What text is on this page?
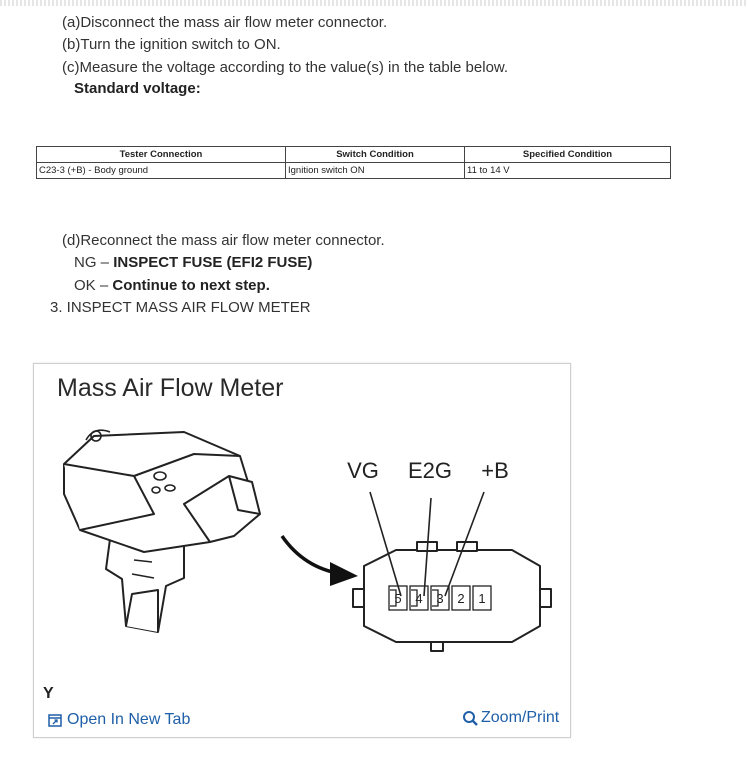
(a)Disconnect the mass air flow meter connector.
(b)Turn the ignition switch to ON.
(c)Measure the voltage according to the value(s) in the table below.
Standard voltage:
Tester Connection	Switch Condition	Specified Condition
C23-3 (+B) - Body ground	Ignition switch ON	11 to 14 V
(d)Reconnect the mass air flow meter connector.
NG – INSPECT FUSE (EFI2 FUSE)
OK – Continue to next step.
3. INSPECT MASS AIR FLOW METER
Mass Air Flow Meter
VG E2G +B
5 4 3 2 1
Y
Open In New Tab	Zoom/Print
